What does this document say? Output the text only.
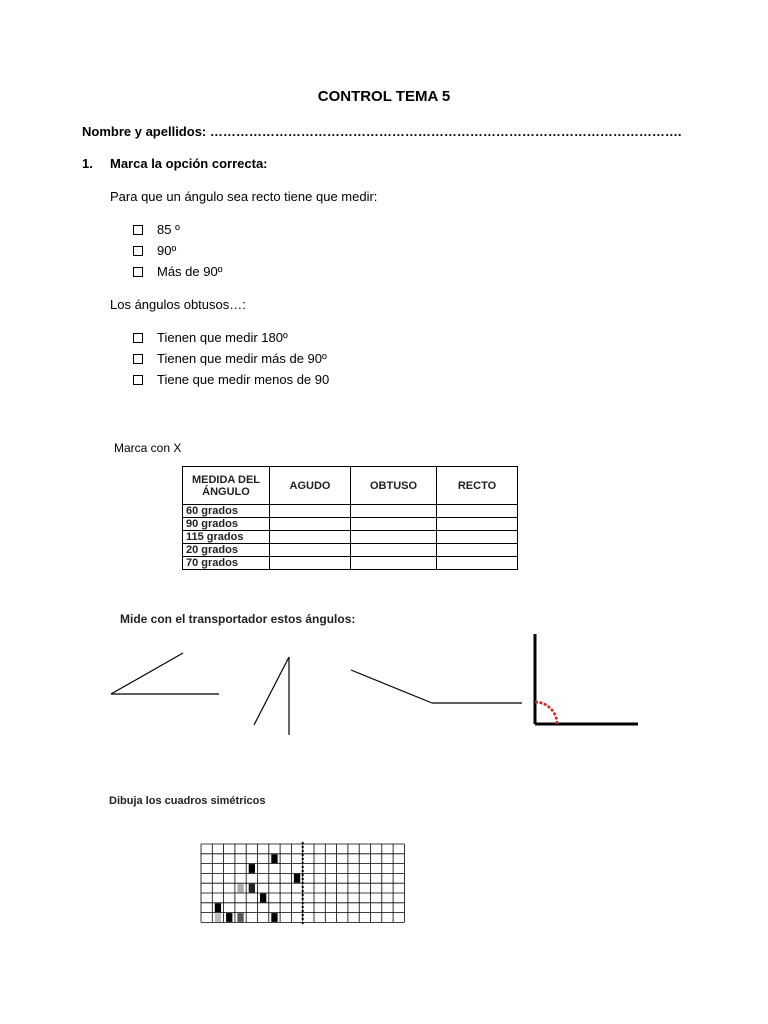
CONTROL TEMA 5
Nombre y apellidos: ……………………………………………………………………………………………….
1. Marca la opción correcta:
Para que un ángulo sea recto tiene que medir:
85 º
90º
Más de 90º
Los ángulos obtusos…:
Tienen que medir 180º
Tienen que medir más de 90º
Tiene que medir menos de 90
Marca con X
MEDIDA DEL ÁNGULO	AGUDO	OBTUSO	RECTO
60 grados			
90 grados			
115 grados			
20 grados			
70 grados			
Mide con el transportador estos ángulos:
Dibuja los cuadros simétricos
